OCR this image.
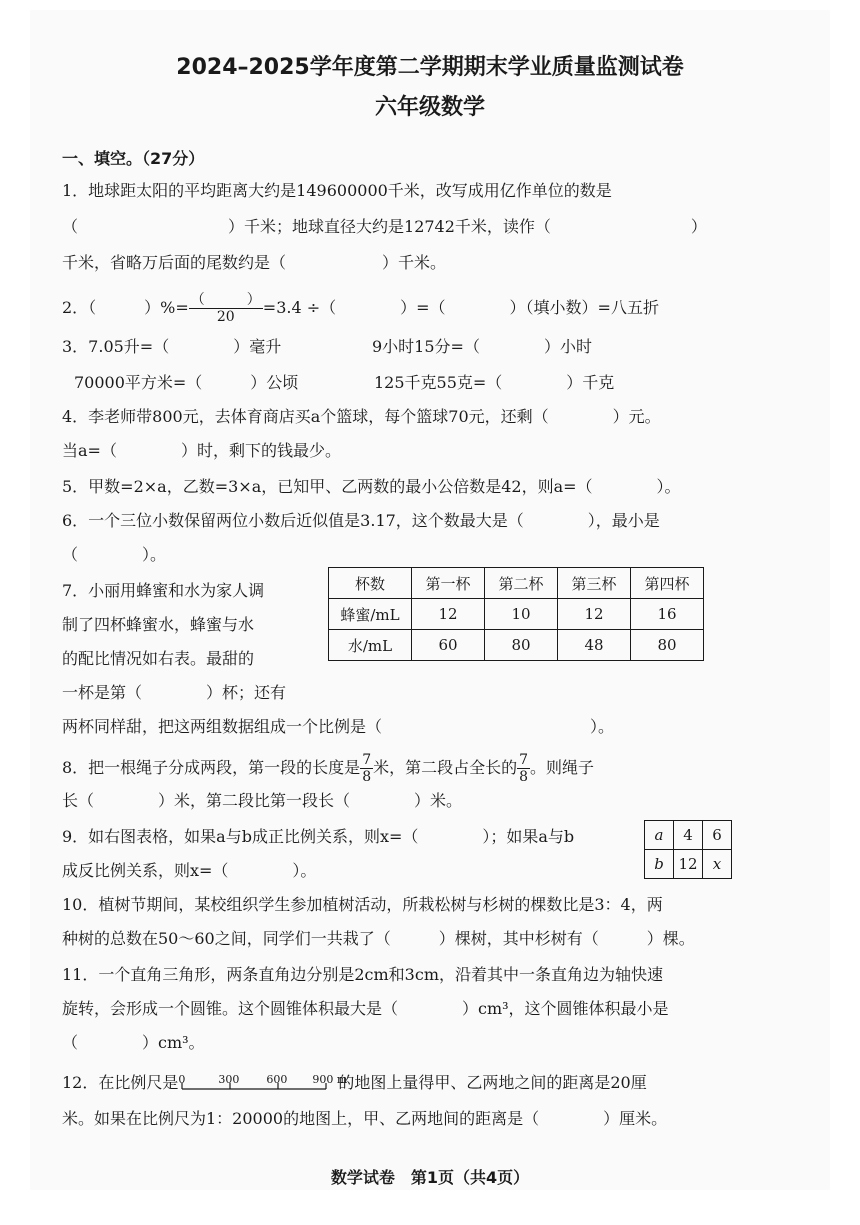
2024–2025学年度第二学期期末学业质量监测试卷
六年级数学
一、填空。（27分）
1．地球距太阳的平均距离大约是149600000千米，改写成用亿作单位的数是
（	）千米；地球直径大约是12742千米，读作（	）
千米，省略万后面的尾数约是（　　　　　　）千米。
2．（　　　）%= $\frac{( )}{20} =3.4$ ÷（　　　　）=（　　　　）（填小数）=八五折
3．7.05升=（　　　　）毫升	9小时15分=（　　　　）小时
70000平方米=（　　　）公顷	125千克55克=（　　　　）千克
4．李老师带800元，去体育商店买a个篮球，每个篮球70元，还剩（　　　　）元。
当a=（　　　　）时，剩下的钱最少。
5．甲数=2×a，乙数=3×a，已知甲、乙两数的最小公倍数是42，则a=（　　　　）。
6．一个三位小数保留两位小数后近似值是3.17，这个数最大是（　　　　），最小是
（　　　　）。
7．小丽用蜂蜜和水为家人调
制了四杯蜂蜜水，蜂蜜与水
的配比情况如右表。最甜的
一杯是第（　　　　）杯；还有
两杯同样甜，把这两组数据组成一个比例是（　　　　　　　　　　　　　）。
杯数	第一杯	第二杯	第三杯	第四杯
蜂蜜/mL	12	10	12	16
水/mL	60	80	48	80
8．把一根绳子分成两段，第一段的长度是 $\frac{7}{8}$ 米，第二段占全长的 $\frac{7}{8}$ 。则绳子
长（　　　　）米，第二段比第一段长（　　　　）米。
9．如右图表格，如果a与b成正比例关系，则x=（　　　　）；如果a与b
成反比例关系，则x=（　　　　）。
a	4	6
b	12	x
10．植树节期间，某校组织学生参加植树活动，所栽松树与杉树的棵数比是3：4，两
种树的总数在50～60之间，同学们一共栽了（　　　）棵树，其中杉树有（　　　）棵。
11．一个直角三角形，两条直角边分别是2cm和3cm，沿着其中一条直角边为轴快速
旋转，会形成一个圆锥。这个圆锥体积最大是（　　　　）cm³，这个圆锥体积最小是
（　　　　）cm³。
12．在比例尺是 0	300 600 900 m
的地图上量得甲、乙两地之间的距离是20厘
米。如果在比例尺为1：20000的地图上，甲、乙两地间的距离是（　　　　）厘米。
数学试卷　第1页（共4页）
